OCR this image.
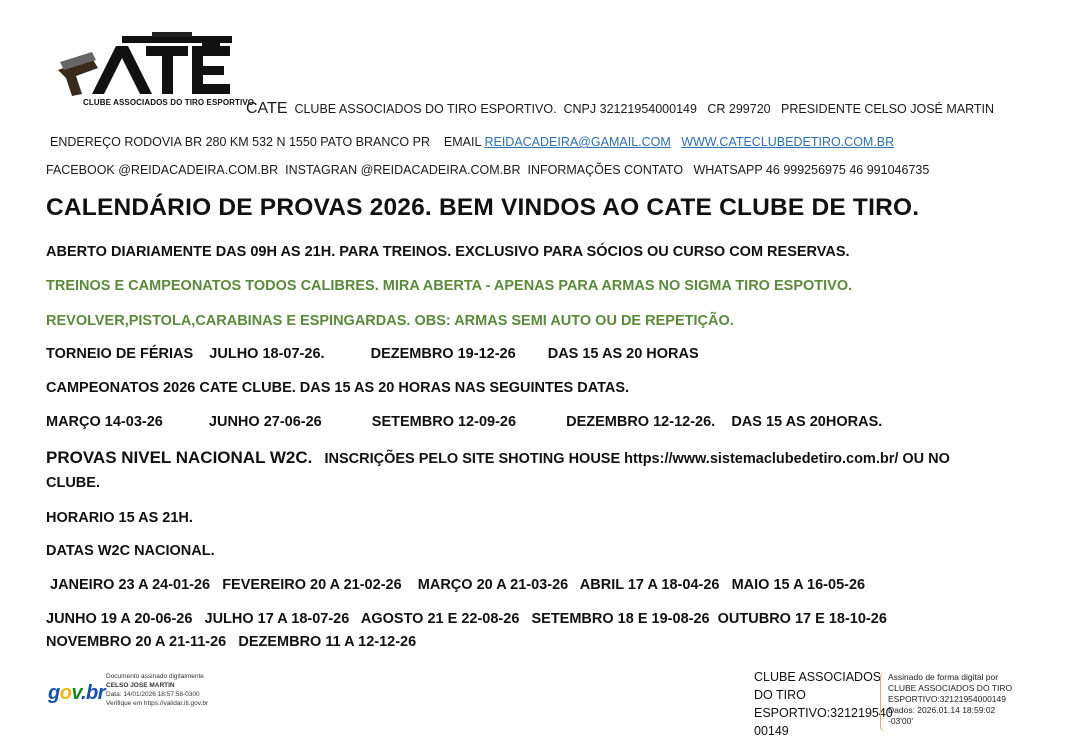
CLUBE ASSOCIADOS DO TIRO ESPORTIVO
CATE CLUBE ASSOCIADOS DO TIRO ESPORTIVO. CNPJ 32121954000149 CR 299720 PRESIDENTE CELSO JOSÉ MARTIN
ENDEREÇO RODOVIA BR 280 KM 532 N 1550 PATO BRANCO PR EMAIL REIDACADEIRA@GAMAIL.COM WWW.CATECLUBEDETIRO.COM.BR
FACEBOOK @REIDACADEIRA.COM.BR INSTAGRAN @REIDACADEIRA.COM.BR INFORMAÇÕES CONTATO WHATSAPP 46 999256975 46 991046735
CALENDÁRIO DE PROVAS 2026. BEM VINDOS AO CATE CLUBE DE TIRO.
ABERTO DIARIAMENTE DAS 09H AS 21H. PARA TREINOS. EXCLUSIVO PARA SÓCIOS OU CURSO COM RESERVAS.
TREINOS E CAMPEONATOS TODOS CALIBRES. MIRA ABERTA - APENAS PARA ARMAS NO SIGMA TIRO ESPOTIVO.
REVOLVER,PISTOLA,CARABINAS E ESPINGARDAS. OBS: ARMAS SEMI AUTO OU DE REPETIÇÃO.
TORNEIO DE FÉRIAS JULHO 18-07-26.	DEZEMBRO 19-12-26 DAS 15 AS 20 HORAS
CAMPEONATOS 2026 CATE CLUBE. DAS 15 AS 20 HORAS NAS SEGUINTES DATAS.
MARÇO 14-03-26	JUNHO 27-06-26	SETEMBRO 12-09-26	DEZEMBRO 12-12-26. DAS 15 AS 20HORAS.
PROVAS NIVEL NACIONAL W2C. INSCRIÇÕES PELO SITE SHOTING HOUSE https://www.sistemaclubedetiro.com.br/ OU NO
CLUBE.
HORARIO 15 AS 21H.
DATAS W2C NACIONAL.
JANEIRO 23 A 24-01-26 FEVEREIRO 20 A 21-02-26 MARÇO 20 A 21-03-26 ABRIL 17 A 18-04-26 MAIO 15 A 16-05-26
JUNHO 19 A 20-06-26 JULHO 17 A 18-07-26 AGOSTO 21 E 22-08-26 SETEMBRO 18 E 19-08-26 OUTUBRO 17 E 18-10-26
NOVEMBRO 20 A 21-11-26 DEZEMBRO 11 A 12-12-26
gov.br
Documento assinado digitalmente
CELSO JOSE MARTIN
Data: 14/01/2026 18:57:58-0300
Verifique em https://validar.iti.gov.br
CLUBE ASSOCIADOS
DO TIRO
ESPORTIVO:321219540
00149
Assinado de forma digital por
CLUBE ASSOCIADOS DO TIRO
ESPORTIVO:32121954000149
Dados: 2026.01.14 18:59:02
-03'00'
